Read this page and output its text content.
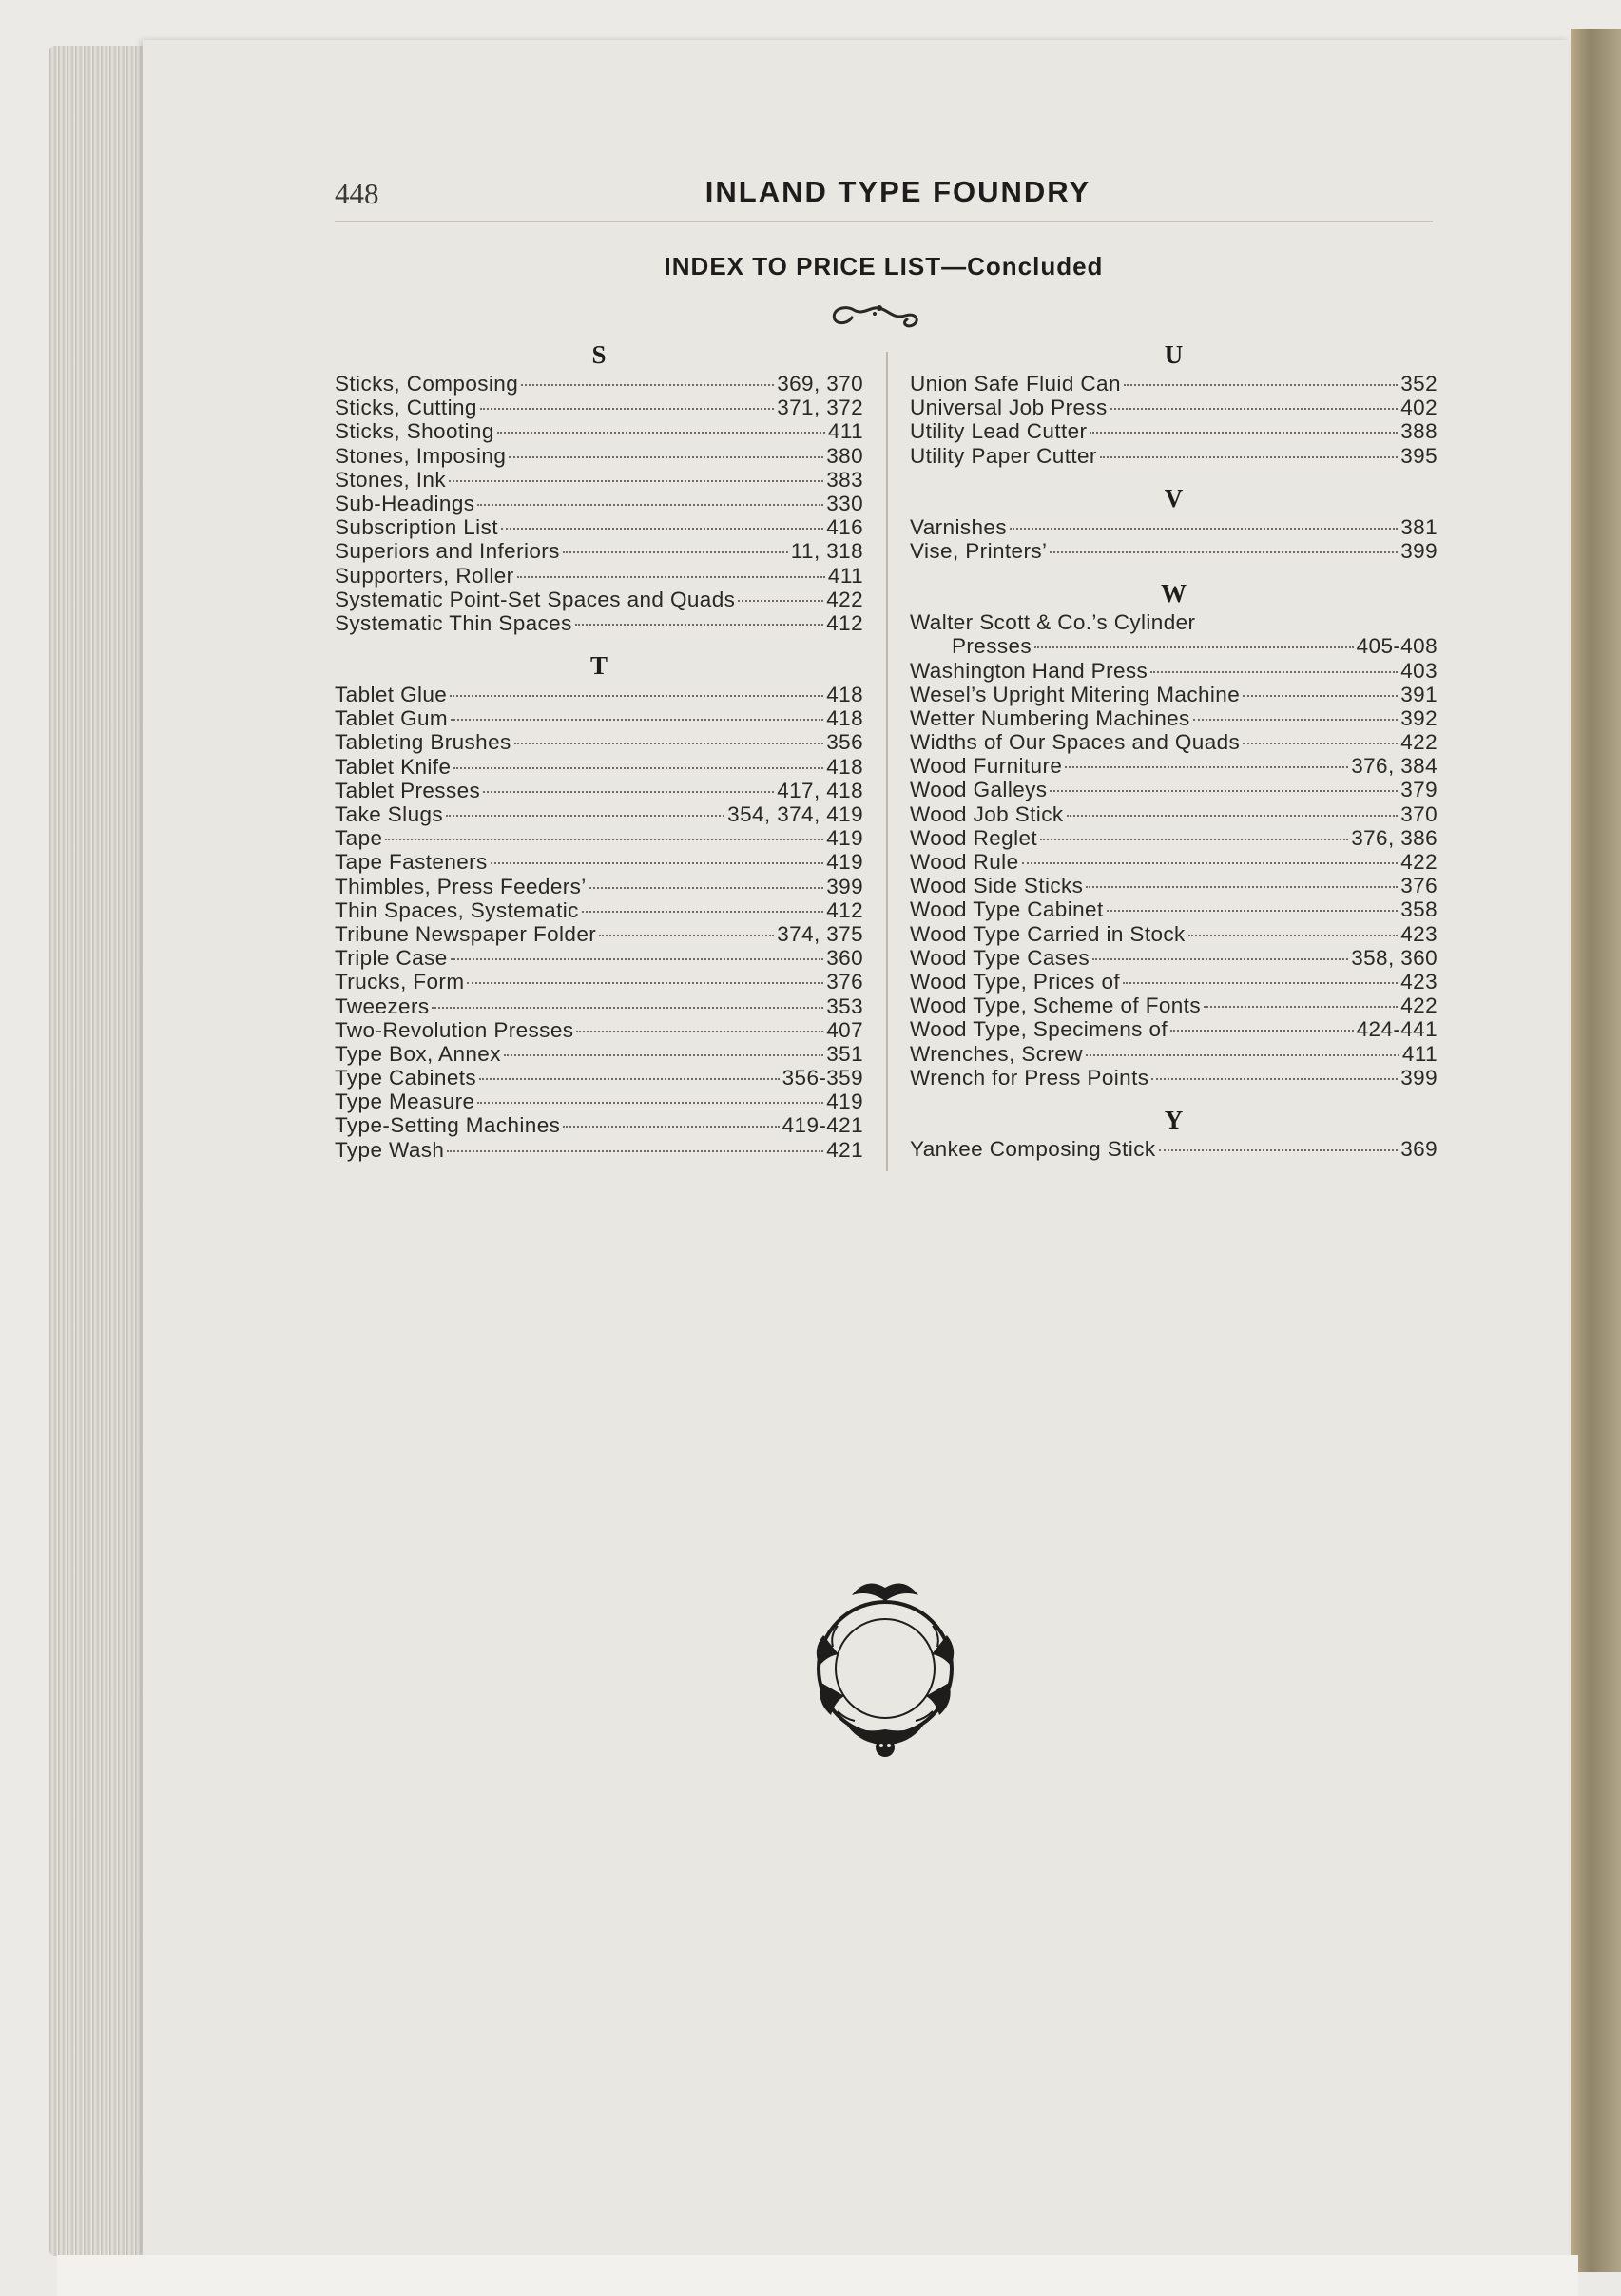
448	INLAND TYPE FOUNDRY
INDEX TO PRICE LIST—Concluded
S
Sticks, Composing	369, 370
Sticks, Cutting	371, 372
Sticks, Shooting	411
Stones, Imposing	380
Stones, Ink	383
Sub-Headings	330
Subscription List	416
Superiors and Inferiors	11, 318
Supporters, Roller	411
Systematic Point-Set Spaces and Quads	422
Systematic Thin Spaces	412
T
Tablet Glue	418
Tablet Gum	418
Tableting Brushes	356
Tablet Knife	418
Tablet Presses	417, 418
Take Slugs	354, 374, 419
Tape	419
Tape Fasteners	419
Thimbles, Press Feeders’	399
Thin Spaces, Systematic	412
Tribune Newspaper Folder	374, 375
Triple Case	360
Trucks, Form	376
Tweezers	353
Two-Revolution Presses	407
Type Box, Annex	351
Type Cabinets	356-359
Type Measure	419
Type-Setting Machines	419-421
Type Wash	421
U
Union Safe Fluid Can	352
Universal Job Press	402
Utility Lead Cutter	388
Utility Paper Cutter	395
V
Varnishes	381
Vise, Printers’	399
W
Walter Scott & Co.’s Cylinder
Presses	405-408
Washington Hand Press	403
Wesel’s Upright Mitering Machine	391
Wetter Numbering Machines	392
Widths of Our Spaces and Quads	422
Wood Furniture	376, 384
Wood Galleys	379
Wood Job Stick	370
Wood Reglet	376, 386
Wood Rule	422
Wood Side Sticks	376
Wood Type Cabinet	358
Wood Type Carried in Stock	423
Wood Type Cases	358, 360
Wood Type, Prices of	423
Wood Type, Scheme of Fonts	422
Wood Type, Specimens of	424-441
Wrenches, Screw	411
Wrench for Press Points	399
Y
Yankee Composing Stick	369
